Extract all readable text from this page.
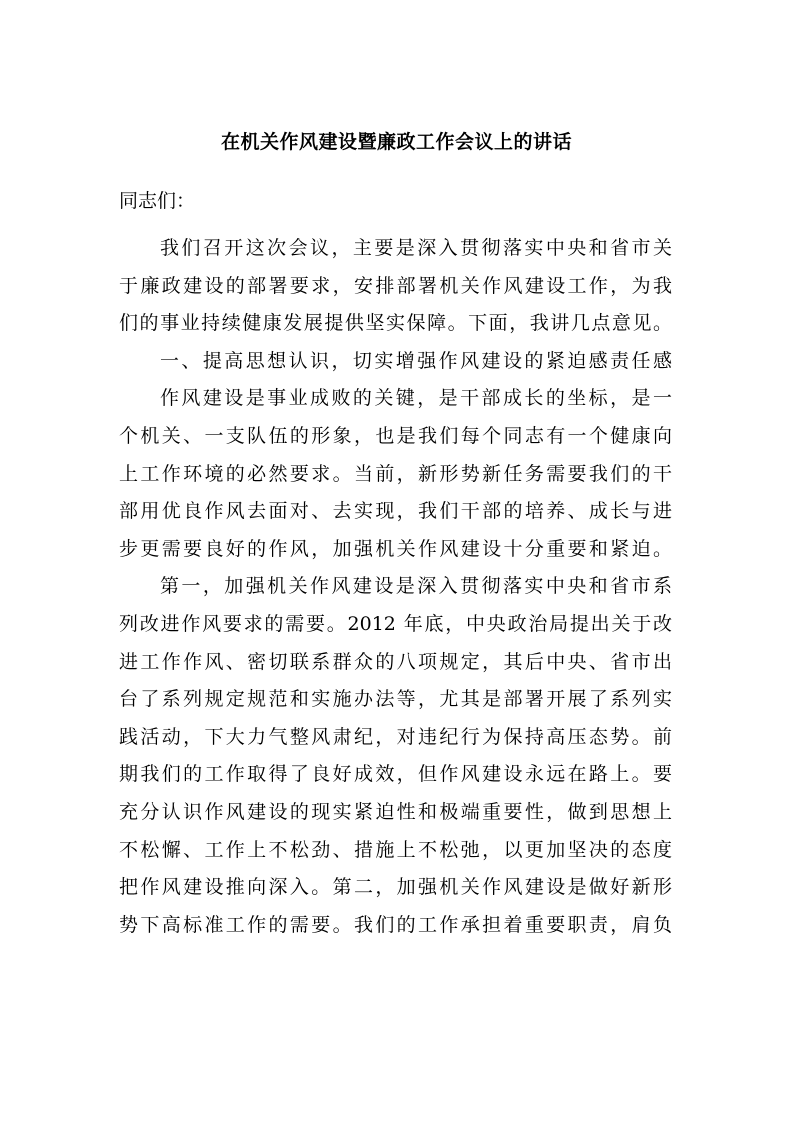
在机关作风建设暨廉政工作会议上的讲话
同志们：
我们召开这次会议，主要是深入贯彻落实中央和省市关
于廉政建设的部署要求，安排部署机关作风建设工作，为我
们的事业持续健康发展提供坚实保障。下面，我讲几点意见。
一、提高思想认识，切实增强作风建设的紧迫感责任感
作风建设是事业成败的关键，是干部成长的坐标，是一
个机关、一支队伍的形象，也是我们每个同志有一个健康向
上工作环境的必然要求。当前，新形势新任务需要我们的干
部用优良作风去面对、去实现，我们干部的培养、成长与进
步更需要良好的作风，加强机关作风建设十分重要和紧迫。
第一，加强机关作风建设是深入贯彻落实中央和省市系
列改进作风要求的需要。2012 年底，中央政治局提出关于改
进工作作风、密切联系群众的八项规定，其后中央、省市出
台了系列规定规范和实施办法等，尤其是部署开展了系列实
践活动，下大力气整风肃纪，对违纪行为保持高压态势。前
期我们的工作取得了良好成效，但作风建设永远在路上。要
充分认识作风建设的现实紧迫性和极端重要性，做到思想上
不松懈、工作上不松劲、措施上不松弛，以更加坚决的态度
把作风建设推向深入。第二，加强机关作风建设是做好新形
势下高标准工作的需要。我们的工作承担着重要职责，肩负
